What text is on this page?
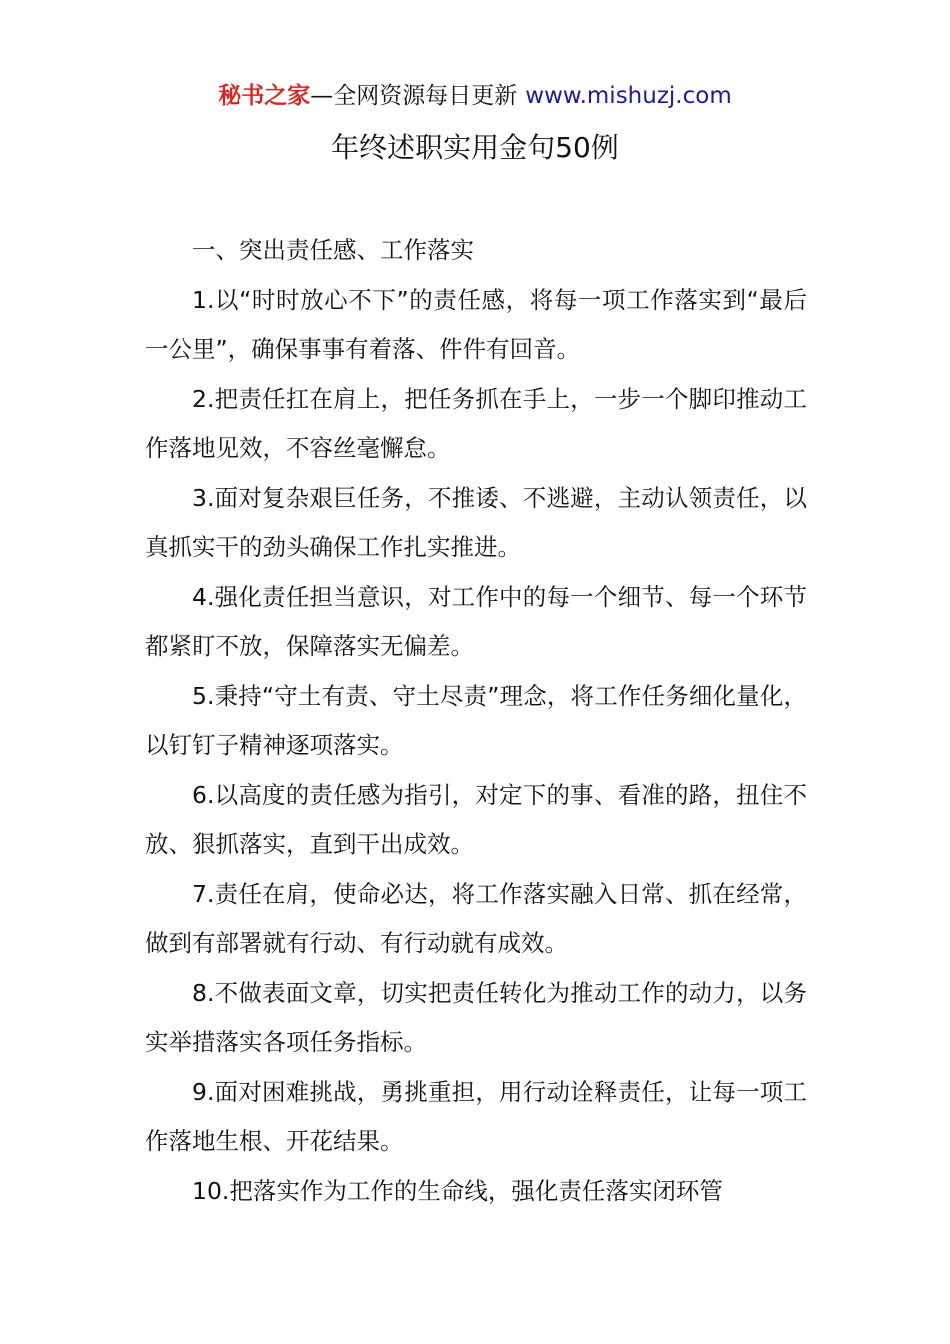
秘书之家—全网资源每日更新 www.mishuzj.com
年终述职实用金句50例

一、突出责任感、工作落实

1.以“时时放心不下”的责任感，将每一项工作落实到“最后一公里”，确保事事有着落、件件有回音。

2.把责任扛在肩上，把任务抓在手上，一步一个脚印推动工作落地见效，不容丝毫懈怠。

3.面对复杂艰巨任务，不推诿、不逃避，主动认领责任，以真抓实干的劲头确保工作扎实推进。

4.强化责任担当意识，对工作中的每一个细节、每一个环节都紧盯不放，保障落实无偏差。

5.秉持“守土有责、守土尽责”理念，将工作任务细化量化，以钉钉子精神逐项落实。

6.以高度的责任感为指引，对定下的事、看准的路，扭住不放、狠抓落实，直到干出成效。

7.责任在肩，使命必达，将工作落实融入日常、抓在经常，做到有部署就有行动、有行动就有成效。

8.不做表面文章，切实把责任转化为推动工作的动力，以务实举措落实各项任务指标。

9.面对困难挑战，勇挑重担，用行动诠释责任，让每一项工作落地生根、开花结果。

10.把落实作为工作的生命线，强化责任落实闭环管
